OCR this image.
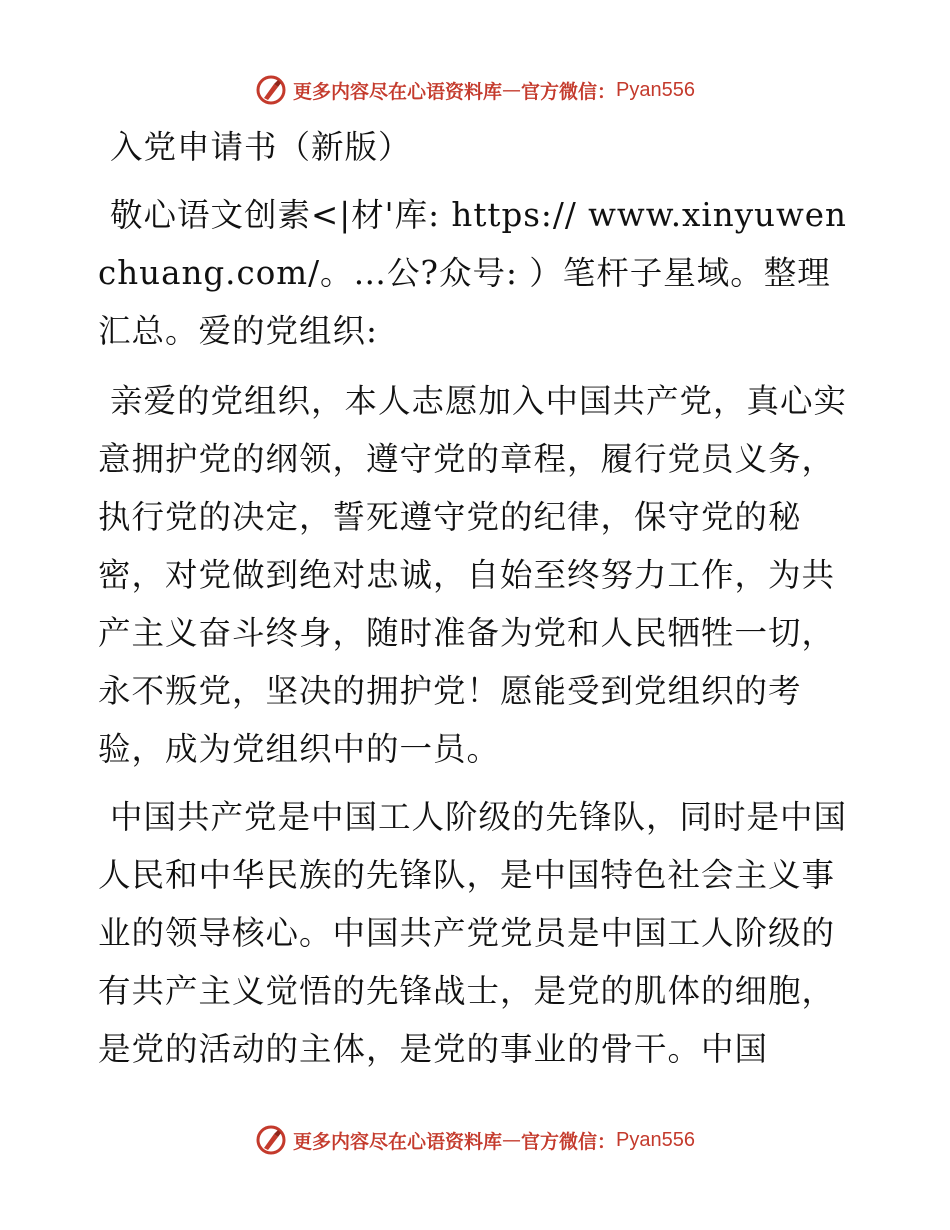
更多内容尽在心语资料库 — 官方微信： Pyan556

入党申请书（新版）

敬心语文创素<|材'库: https:// www.xinyuwenchuang.com/。…公?众号: ）笔杆子星域。整理汇总。爱的党组织:

亲爱的党组织，本人志愿加入中国共产党，真心实意拥护党的纲领，遵守党的章程，履行党员义务，执行党的决定，誓死遵守党的纪律，保守党的秘密，对党做到绝对忠诚，自始至终努力工作，为共产主义奋斗终身，随时准备为党和人民牺牲一切，永不叛党，坚决的拥护党！愿能受到党组织的考验，成为党组织中的一员。

中国共产党是中国工人阶级的先锋队，同时是中国人民和中华民族的先锋队，是中国特色社会主义事业的领导核心。中国共产党党员是中国工人阶级的有共产主义觉悟的先锋战士，是党的肌体的细胞，是党的活动的主体，是党的事业的骨干。中国

更多内容尽在心语资料库 — 官方微信： Pyan556
